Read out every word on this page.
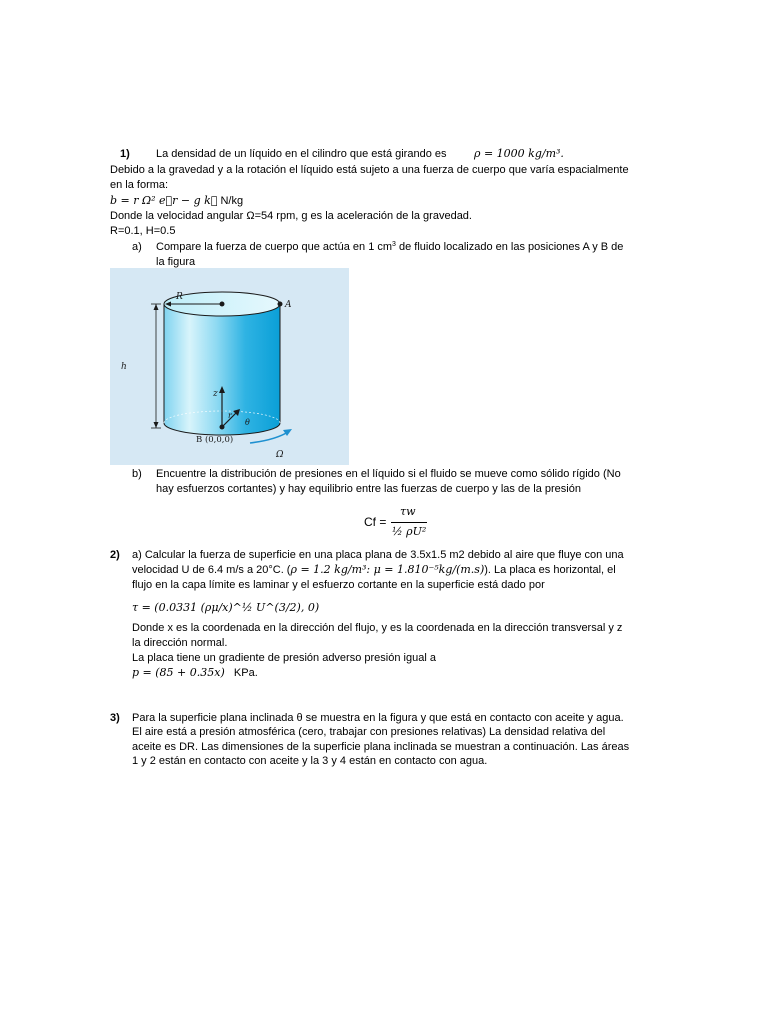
1) La densidad de un líquido en el cilindro que está girando es	ρ = 1000 kg/m³.
Debido a la gravedad y a la rotación el líquido está sujeto a una fuerza de cuerpo que varía espacialmente
en la forma:
b = r Ω² e⃗r − g k⃗ N/kg
Donde la velocidad angular Ω=54 rpm, g es la aceleración de la gravedad.
R=0.1, H=0.5
a) Compare la fuerza de cuerpo que actúa en 1 $cm^3$ de fluido localizado en las posiciones A y B de
la figura
R
A
h
z
r
θ
B (0,0,0)
Ω
b) Encuentre la distribución de presiones en el líquido si el fluido se mueve como sólido rígido (No
hay esfuerzos cortantes) y hay equilibrio entre las fuerzas de cuerpo y las de la presión
Cf =
τw
½ ρU²
2) a) Calcular la fuerza de superficie en una placa plana de 3.5x1.5 m2 debido al aire que fluye con una
velocidad U de 6.4 m/s a 20°C. (ρ = 1.2 kg/m³: μ = 1.810⁻⁵kg/(m.s)). La placa es horizontal, el
flujo en la capa límite es laminar y el esfuerzo cortante en la superficie está dado por
τ = (0.0331 (ρμ/x)^½ U^(3/2), 0)
Donde x es la coordenada en la dirección del flujo, y es la coordenada en la dirección transversal y z
la dirección normal.
La placa tiene un gradiente de presión adverso presión igual a
p = (85 + 0.35x) KPa.
3) Para la superficie plana inclinada θ se muestra en la figura y que está en contacto con aceite y agua.
El aire está a presión atmosférica (cero, trabajar con presiones relativas) La densidad relativa del
aceite es DR. Las dimensiones de la superficie plana inclinada se muestran a continuación. Las áreas
1 y 2 están en contacto con aceite y la 3 y 4 están en contacto con agua.
